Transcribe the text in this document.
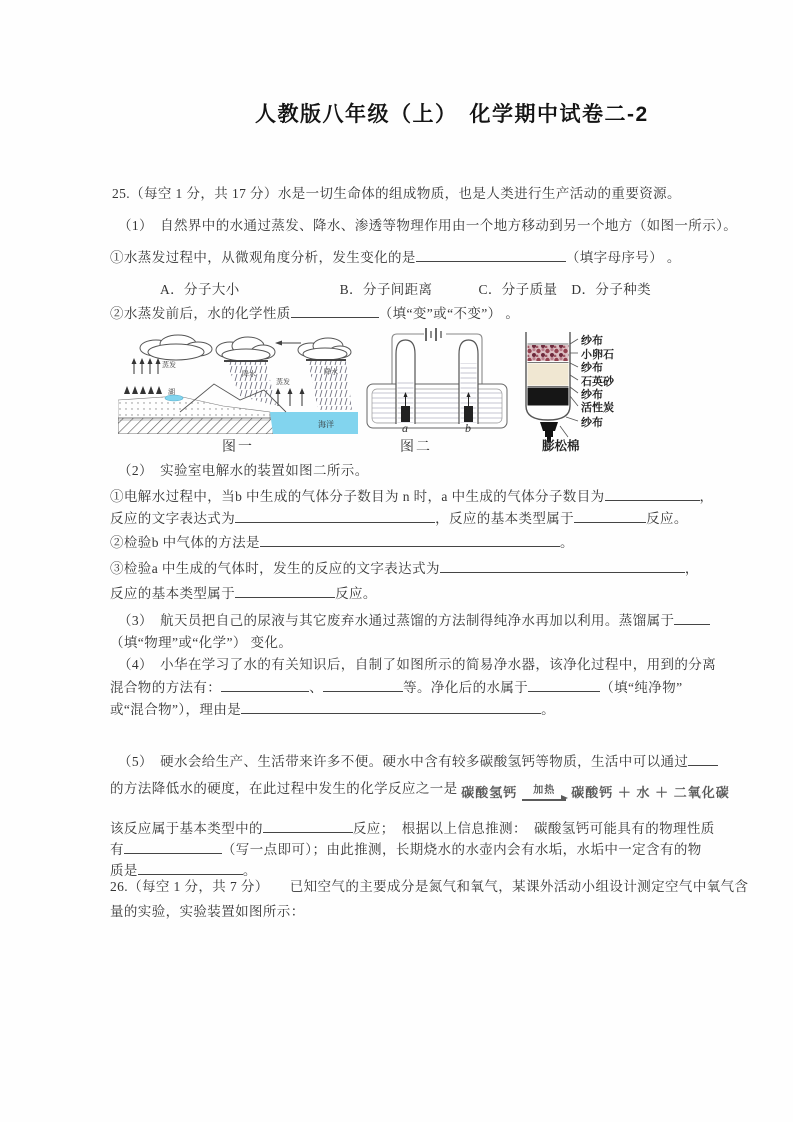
人教版八年级（上）　化学期中试卷二-2
25.（每空 1 分，共 17 分）水是一切生命体的组成物质，也是人类进行生产活动的重要资源。
（1）　自然界中的水通过蒸发、降水、渗透等物理作用由一个地方移动到另一个地方（如图一所示）。
①水蒸发过程中，从微观角度分析，发生变化的是	（填字母序号） 。
A．分子大小	B．分子间距离	C．分子质量 D．分子种类
②水蒸发前后，水的化学性质	（填“变”或“不变”） 。
蒸发
降水
蒸发
降水
湖
海洋
图一
a	b
图二
纱布
小卵石
纱布
石英砂
纱布
活性炭
纱布
膨松棉
（2）　实验室电解水的装置如图二所示。
①电解水过程中，当b 中生成的气体分子数目为 n 时，a 中生成的气体分子数目为	，
反应的文字表达式为	，反应的基本类型属于	反应。
②检验b 中气体的方法是	。
③检验a 中生成的气体时，发生的反应的文字表达式为	，
反应的基本类型属于	反应。
（3）　航天员把自己的尿液与其它废弃水通过蒸馏的方法制得纯净水再加以利用。蒸馏属于
（填“物理”或“化学”） 变化。
（4）　小华在学习了水的有关知识后，自制了如图所示的简易净水器，该净化过程中，用到的分离
混合物的方法有：	、	等。净化后的水属于	（填“纯净物”
或“混合物”），理由是	。
（5）　硬水会给生产、生活带来许多不便。硬水中含有较多碳酸氢钙等物质，生活中可以通过
的方法降低水的硬度，在此过程中发生的化学反应之一是 碳酸氢钙 加热 碳酸钙 ＋ 水 ＋ 二氧化碳
该反应属于基本类型中的	反应；　根据以上信息推测：　碳酸氢钙可能具有的物理性质
有	（写一点即可）；由此推测，长期烧水的水壶内会有水垢，水垢中一定含有的物
质是	。
26.（每空 1 分，共 7 分）　　已知空气的主要成分是氮气和氧气，某课外活动小组设计测定空气中氧气含
量的实验，实验装置如图所示：
